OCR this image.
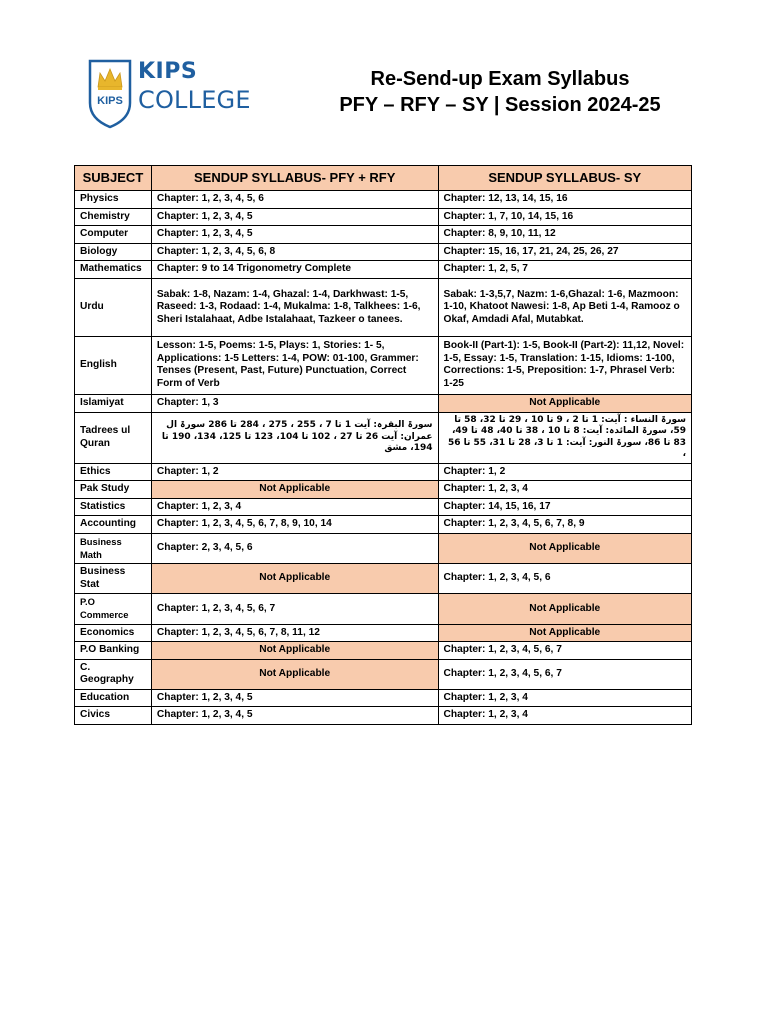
KIPS
KIPS
COLLEGE
Re-Send-up Exam Syllabus
PFY – RFY – SY | Session 2024-25
SUBJECT	SENDUP SYLLABUS- PFY + RFY	SENDUP SYLLABUS- SY
Physics	Chapter: 1, 2, 3, 4, 5, 6	Chapter: 12, 13, 14, 15, 16
Chemistry	Chapter: 1, 2, 3, 4, 5	Chapter: 1, 7, 10, 14, 15, 16
Computer	Chapter: 1, 2, 3, 4, 5	Chapter: 8, 9, 10, 11, 12
Biology	Chapter: 1, 2, 3, 4, 5, 6, 8	Chapter: 15, 16, 17, 21, 24, 25, 26, 27
Mathematics	Chapter: 9 to 14 Trigonometry Complete	Chapter: 1, 2, 5, 7
Urdu	Sabak: 1-8, Nazam: 1-4, Ghazal: 1-4, Darkhwast: 1-5, Raseed: 1-3, Rodaad: 1-4, Mukalma: 1-8, Talkhees: 1-6, Sheri Istalahaat, Adbe Istalahaat, Tazkeer o tanees.	Sabak: 1-3,5,7, Nazm: 1-6,Ghazal: 1-6, Mazmoon: 1-10, Khatoot Nawesi: 1-8, Ap Beti 1-4, Ramooz o Okaf, Amdadi Afal, Mutabkat.
English	Lesson: 1-5, Poems: 1-5, Plays: 1, Stories: 1- 5, Applications: 1-5 Letters: 1-4, POW: 01-100, Grammer: Tenses (Present, Past, Future) Punctuation, Correct Form of Verb	Book-II (Part-1): 1-5, Book-II (Part-2): 11,12, Novel: 1-5, Essay: 1-5, Translation: 1-15, Idioms: 1-100, Corrections: 1-5, Preposition: 1-7, Phrasel Verb: 1-25
Islamiyat	Chapter: 1, 3	Not Applicable
Tadrees ul Quran	سورۃ البقرہ: آیت 1 تا 7 ، 255 ، 275 ، 284 تا 286 سورۃ ال عمران: آیت 26 تا 27 ، 102 تا 104، 123 تا 125، 134، 190 تا 194، مشق	سورۃ النساء : آیت: 1 تا 2 ، 9 تا 10 ، 29 تا 32، 58 تا 59، سورۃ المائدہ: آیت: 8 تا 10 ، 38 تا 40، 48 تا 49، 83 تا 86، سورۃ النور: آیت: 1 تا 3، 28 تا 31، 55 تا 56 ،
Ethics	Chapter: 1, 2	Chapter: 1, 2
Pak Study	Not Applicable	Chapter: 1, 2, 3, 4
Statistics	Chapter: 1, 2, 3, 4	Chapter: 14, 15, 16, 17
Accounting	Chapter: 1, 2, 3, 4, 5, 6, 7, 8, 9, 10, 14	Chapter: 1, 2, 3, 4, 5, 6, 7, 8, 9
Business Math	Chapter: 2, 3, 4, 5, 6	Not Applicable
Business Stat	Not Applicable	Chapter: 1, 2, 3, 4, 5, 6
P.O Commerce	Chapter: 1, 2, 3, 4, 5, 6, 7	Not Applicable
Economics	Chapter: 1, 2, 3, 4, 5, 6, 7, 8, 11, 12	Not Applicable
P.O Banking	Not Applicable	Chapter: 1, 2, 3, 4, 5, 6, 7
C. Geography	Not Applicable	Chapter: 1, 2, 3, 4, 5, 6, 7
Education	Chapter: 1, 2, 3, 4, 5	Chapter: 1, 2, 3, 4
Civics	Chapter: 1, 2, 3, 4, 5	Chapter: 1, 2, 3, 4
